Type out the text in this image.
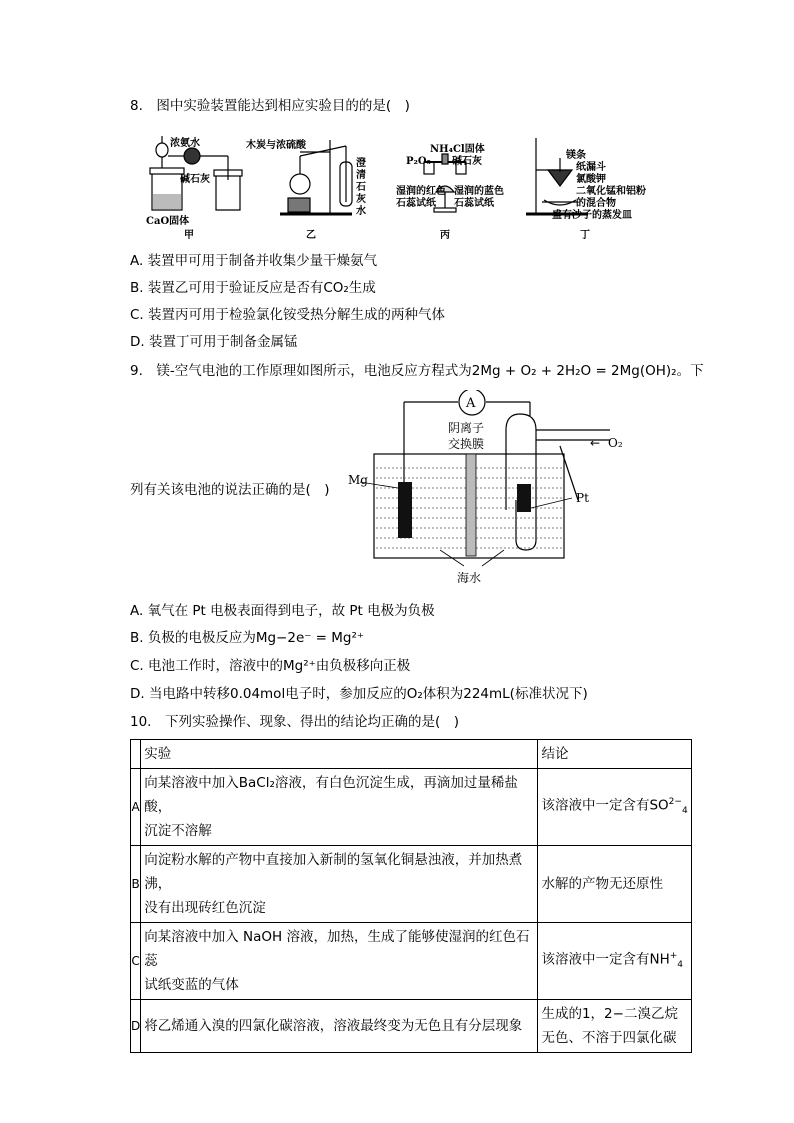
8.　图中实验装置能达到相应实验目的的是(　)
浓氨水
碱石灰
CaO固体
甲
木炭与浓硫酸
澄
清
石
灰
水
乙
NH₄Cl固体
P₂O₅ 碱石灰
湿润的红色
石蕊试纸
湿润的蓝色
石蕊试纸
丙
镁条
纸漏斗
氯酸钾
二氧化锰和铝粉
的混合物
盛有沙子的蒸发皿
丁
A. 装置甲可用于制备并收集少量干燥氨气
B. 装置乙可用于验证反应是否有CO₂生成
C. 装置丙可用于检验氯化铵受热分解生成的两种气体
D. 装置丁可用于制备金属锰
9.　镁-空气电池的工作原理如图所示，电池反应方程式为2Mg + O₂ + 2H₂O = 2Mg(OH)₂。下
A
阴离子
交换膜
Mg
Pt
← O₂
海水
列有关该电池的说法正确的是(　)
A. 氧气在 Pt 电极表面得到电子，故 Pt 电极为负极
B. 负极的电极反应为Mg−2e⁻ = Mg²⁺
C. 电池工作时，溶液中的Mg²⁺由负极移向正极
D. 当电路中转移0.04mol电子时，参加反应的O₂体积为224mL(标准状况下)
10.　下列实验操作、现象、得出的结论均正确的是(　)
	实验	结论
A	向某溶液中加入BaCl₂溶液，有白色沉淀生成，再滴加过量稀盐酸，
沉淀不溶解	该溶液中一定含有$SO^{2-}_4$
B	向淀粉水解的产物中直接加入新制的氢氧化铜悬浊液，并加热煮沸，
没有出现砖红色沉淀	水解的产物无还原性
C	向某溶液中加入 NaOH 溶液，加热，生成了能够使湿润的红色石蕊
试纸变蓝的气体	该溶液中一定含有$NH^+_4$
D	将乙烯通入溴的四氯化碳溶液，溶液最终变为无色且有分层现象	生成的1，2−二溴乙烷
无色、不溶于四氯化碳
